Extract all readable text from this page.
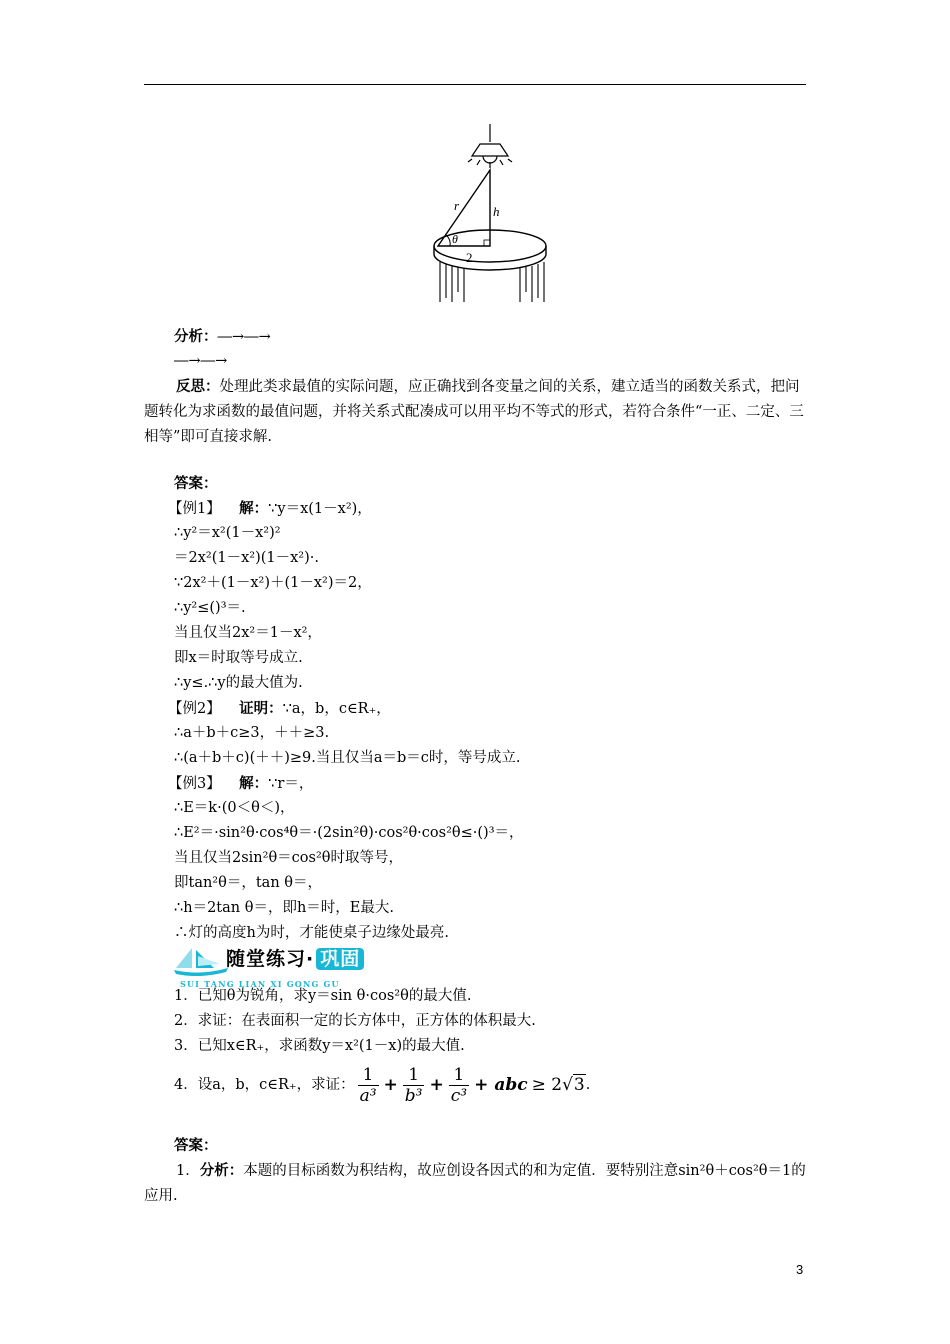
r	h
θ
2
分析：―→―→
―→―→
反思：处理此类求最值的实际问题，应正确找到各变量之间的关系，建立适当的函数关系式，把问题转化为求函数的最值问题，并将关系式配凑成可以用平均不等式的形式，若符合条件“一正、二定、三相等”即可直接求解.
答案：
【例1】 解：∵y＝x(1－x²)，
∴y²＝x²(1－x²)²
＝2x²(1－x²)(1－x²)·.
∵2x²＋(1－x²)＋(1－x²)＝2，
∴y²≤()³＝.
当且仅当2x²＝1－x²，
即x＝时取等号成立.
∴y≤.∴y的最大值为.
【例2】 证明：∵a，b，c∈R₊，
∴a＋b＋c≥3，＋＋≥3.
∴(a＋b＋c)(＋＋)≥9.当且仅当a＝b＝c时，等号成立.
【例3】 解：∵r＝，
∴E＝k·(0＜θ＜)，
∴E²＝·sin²θ·cos⁴θ＝·(2sin²θ)·cos²θ·cos²θ≤·()³＝，
当且仅当2sin²θ＝cos²θ时取等号，
即tan²θ＝，tan θ＝，
∴h＝2tan θ＝，即h＝时，E最大.
∴灯的高度h为时，才能使桌子边缘处最亮.
随堂练习· 巩固
SUI TANG LIAN XI GONG GU
1．已知θ为锐角，求y＝sin θ·cos²θ的最大值.
2．求证：在表面积一定的长方体中，正方体的体积最大.
3．已知x∈R₊，求函数y＝x²(1－x)的最大值.
4．设a，b，c∈R₊，求证： $\frac{1}{\text{a³}} + \frac{1}{\text{b³}} + \frac{1}{\text{c³}}$ + abc ≥ 2 √3 .
答案：
1．分析：本题的目标函数为积结构，故应创设各因式的和为定值．要特别注意sin²θ＋cos²θ＝1的应用.
3
